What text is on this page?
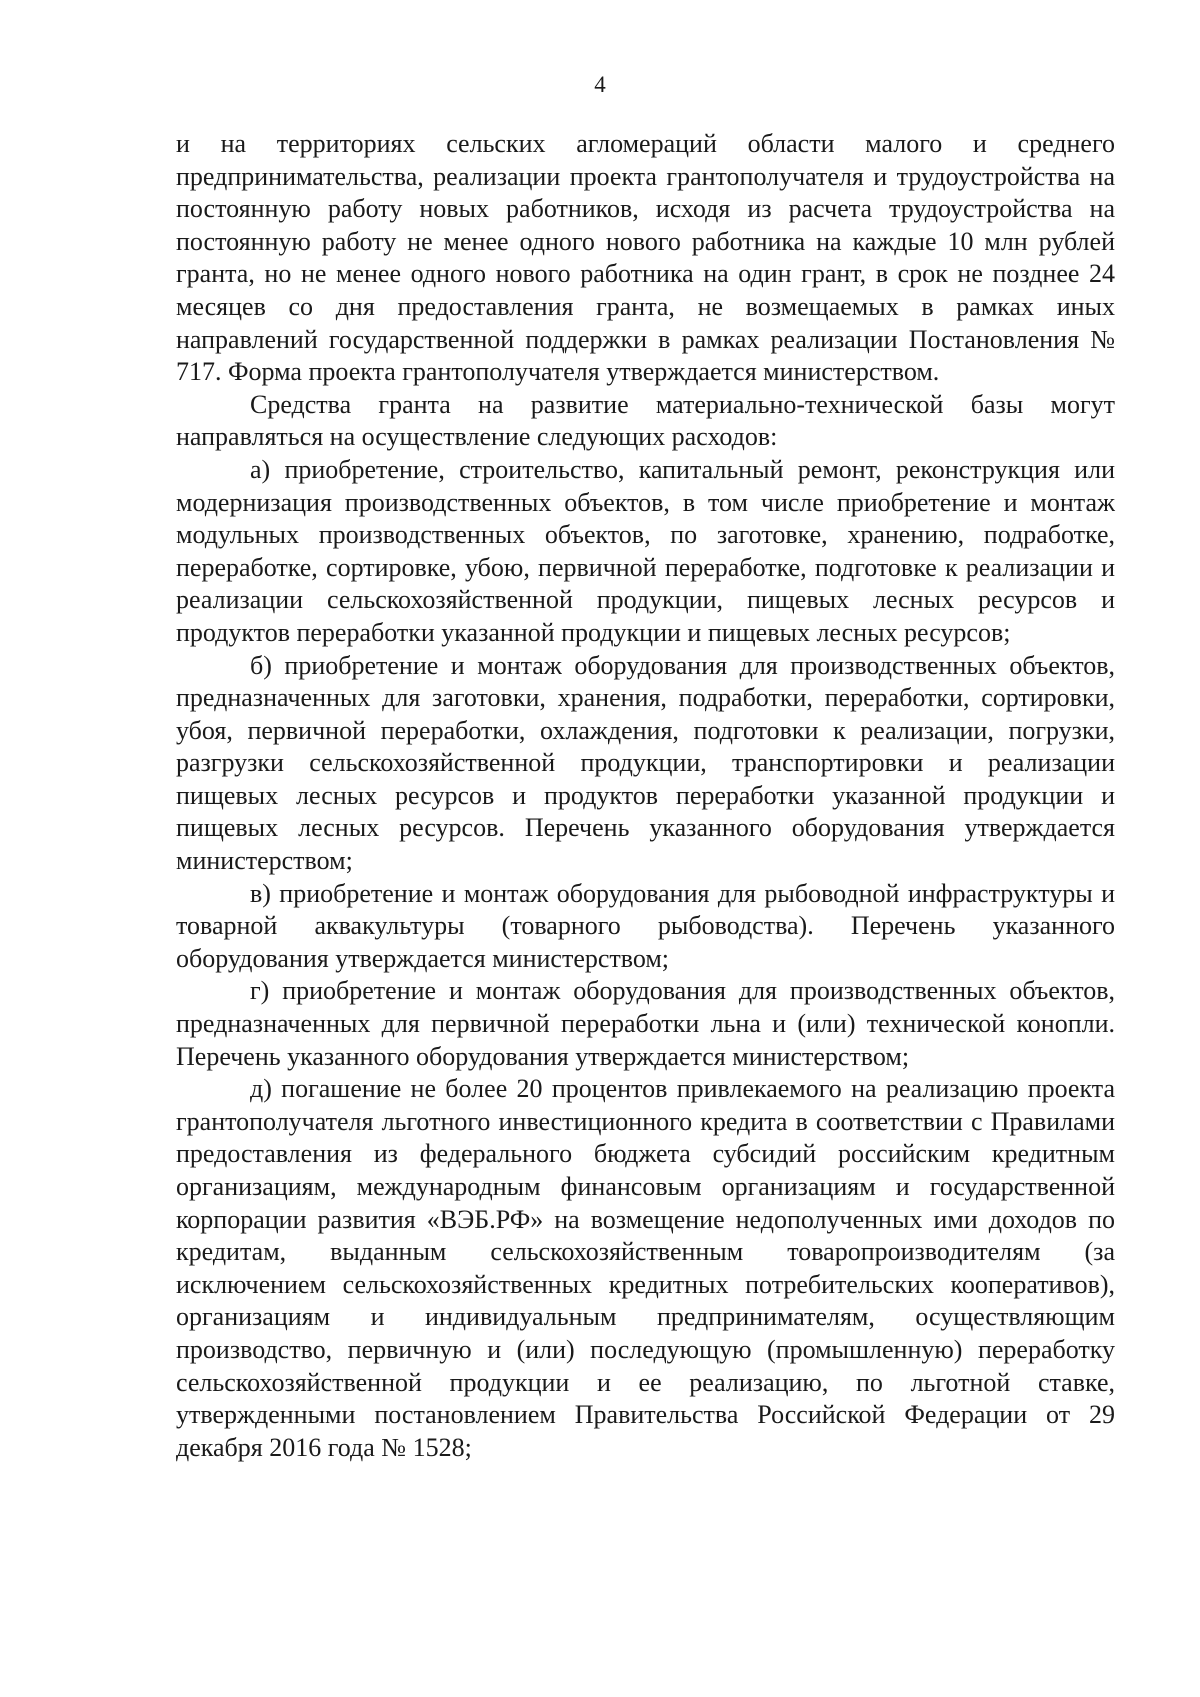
4

и на территориях сельских агломераций области малого и среднего предпринимательства, реализации проекта грантополучателя и трудоустройства на постоянную работу новых работников, исходя из расчета трудоустройства на постоянную работу не менее одного нового работника на каждые 10 млн рублей гранта, но не менее одного нового работника на один грант, в срок не позднее 24 месяцев со дня предоставления гранта, не возмещаемых в рамках иных направлений государственной поддержки в рамках реализации Постановления № 717. Форма проекта грантополучателя утверждается министерством.

Средства гранта на развитие материально-технической базы могут направляться на осуществление следующих расходов:

а) приобретение, строительство, капитальный ремонт, реконструкция или модернизация производственных объектов, в том числе приобретение и монтаж модульных производственных объектов, по заготовке, хранению, подработке, переработке, сортировке, убою, первичной переработке, подготовке к реализации и реализации сельскохозяйственной продукции, пищевых лесных ресурсов и продуктов переработки указанной продукции и пищевых лесных ресурсов;

б) приобретение и монтаж оборудования для производственных объектов, предназначенных для заготовки, хранения, подработки, переработки, сортировки, убоя, первичной переработки, охлаждения, подготовки к реализации, погрузки, разгрузки сельскохозяйственной продукции, транспортировки и реализации пищевых лесных ресурсов и продуктов переработки указанной продукции и пищевых лесных ресурсов. Перечень указанного оборудования утверждается министерством;

в) приобретение и монтаж оборудования для рыбоводной инфраструктуры и товарной аквакультуры (товарного рыбоводства). Перечень указанного оборудования утверждается министерством;

г) приобретение и монтаж оборудования для производственных объектов, предназначенных для первичной переработки льна и (или) технической конопли. Перечень указанного оборудования утверждается министерством;

д) погашение не более 20 процентов привлекаемого на реализацию проекта грантополучателя льготного инвестиционного кредита в соответствии с Правилами предоставления из федерального бюджета субсидий российским кредитным организациям, международным финансовым организациям и государственной корпорации развития «ВЭБ.РФ» на возмещение недополученных ими доходов по кредитам, выданным сельскохозяйственным товаропроизводителям (за исключением сельскохозяйственных кредитных потребительских кооперативов), организациям и индивидуальным предпринимателям, осуществляющим производство, первичную и (или) последующую (промышленную) переработку сельскохозяйственной продукции и ее реализацию, по льготной ставке, утвержденными постановлением Правительства Российской Федерации от 29 декабря 2016 года № 1528;
